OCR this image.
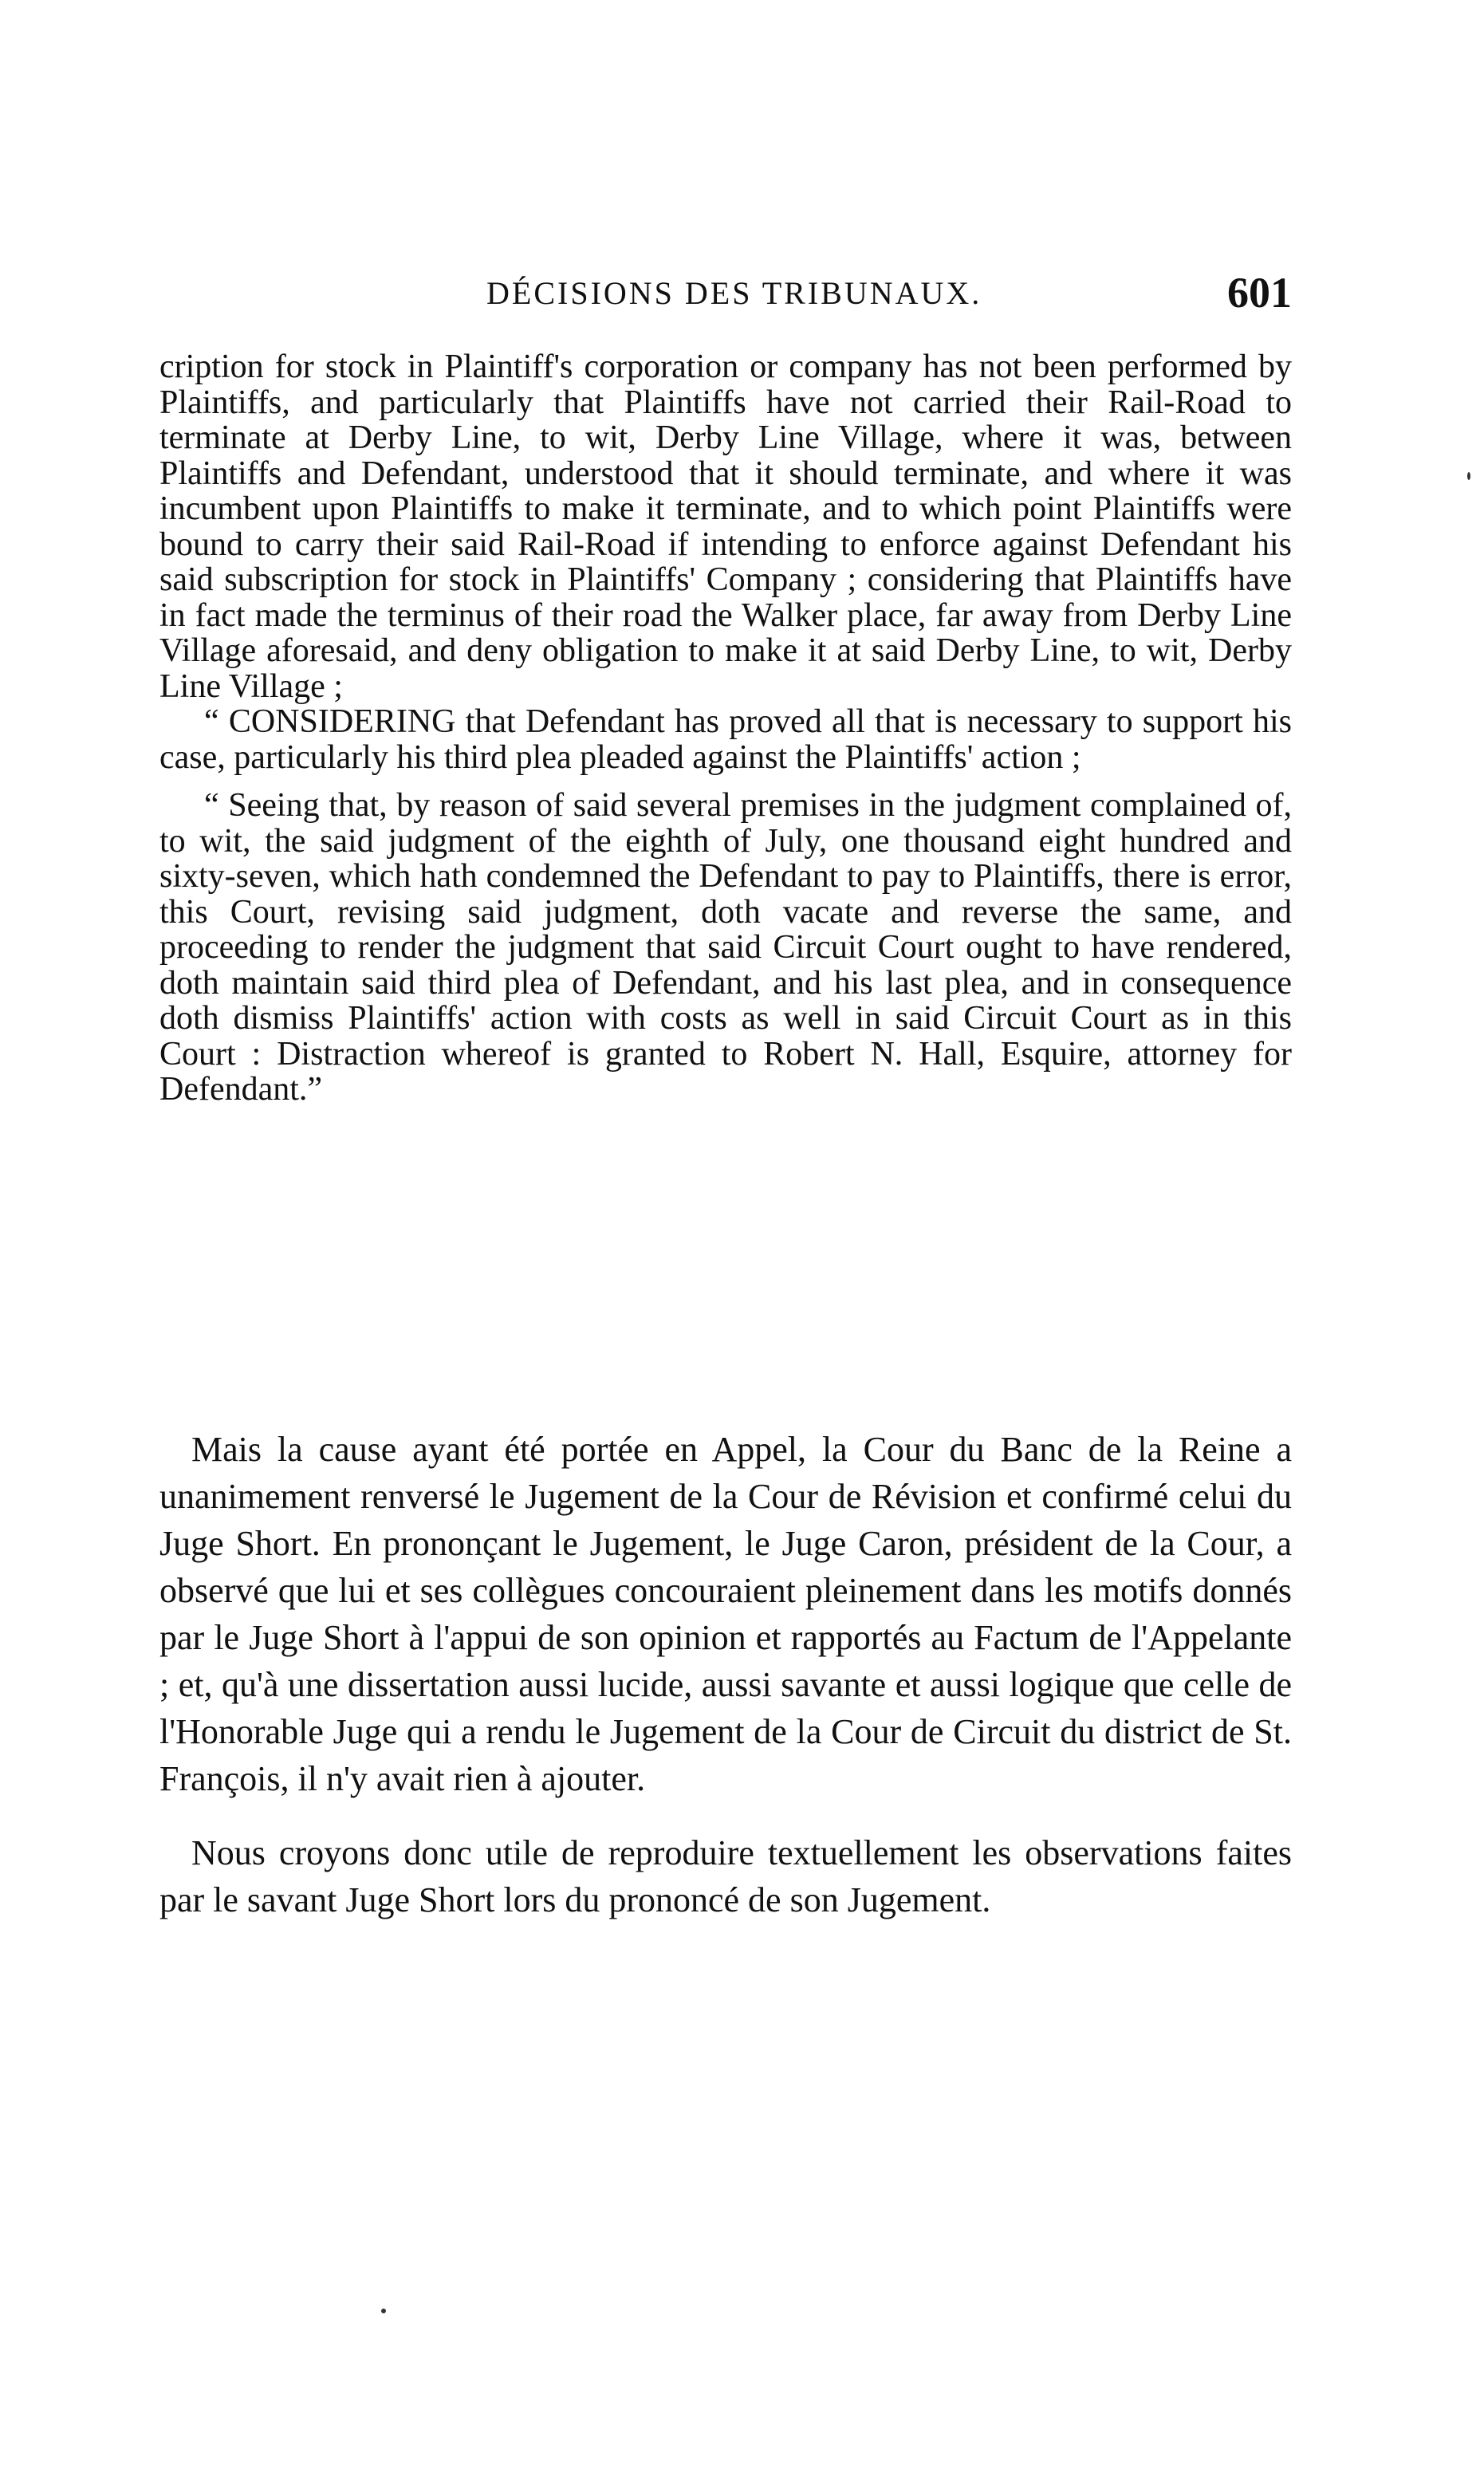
DÉCISIONS DES TRIBUNAUX.	601

cription for stock in Plaintiff's corporation or company has not been performed by Plaintiffs, and particularly that Plaintiffs have not carried their Rail-Road to terminate at Derby Line, to wit, Derby Line Village, where it was, between Plaintiffs and Defendant, understood that it should terminate, and where it was incumbent upon Plaintiffs to make it terminate, and to which point Plaintiffs were bound to carry their said Rail-Road if intending to enforce against Defendant his said subscription for stock in Plaintiffs' Company ; considering that Plaintiffs have in fact made the terminus of their road the Walker place, far away from Derby Line Village aforesaid, and deny obligation to make it at said Derby Line, to wit, Derby Line Village ;

“ CONSIDERING that Defendant has proved all that is necessary to support his case, particularly his third plea pleaded against the Plaintiffs' action ;

“ Seeing that, by reason of said several premises in the judgment complained of, to wit, the said judgment of the eighth of July, one thousand eight hundred and sixty-seven, which hath condemned the Defendant to pay to Plaintiffs, there is error, this Court, revising said judgment, doth vacate and reverse the same, and proceeding to render the judgment that said Circuit Court ought to have rendered, doth maintain said third plea of Defendant, and his last plea, and in consequence doth dismiss Plaintiffs' action with costs as well in said Circuit Court as in this Court : Distraction whereof is granted to Robert N. Hall, Esquire, attorney for Defendant.”

Mais la cause ayant été portée en Appel, la Cour du Banc de la Reine a unanimement renversé le Jugement de la Cour de Révision et confirmé celui du Juge Short. En prononçant le Jugement, le Juge Caron, président de la Cour, a observé que lui et ses collègues concouraient pleinement dans les motifs donnés par le Juge Short à l'appui de son opinion et rapportés au Factum de l'Appelante ; et, qu'à une dissertation aussi lucide, aussi savante et aussi logique que celle de l'Honorable Juge qui a rendu le Jugement de la Cour de Circuit du district de St. François, il n'y avait rien à ajouter.

Nous croyons donc utile de reproduire textuellement les observations faites par le savant Juge Short lors du prononcé de son Jugement.
